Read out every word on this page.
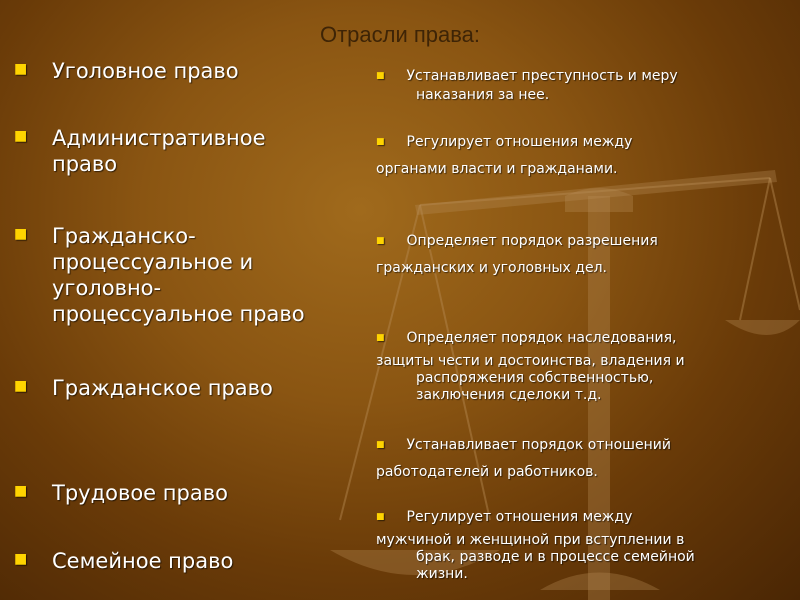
Отрасли права:
■ Уголовное право
■ Административное
право
■ Гражданско-
процессуальное и
уголовно-
процессуальное право
■ Гражданское право
■ Трудовое право
■ Семейное право
■ Устанавливает преступность и меру
наказания за нее.
■ Регулирует отношения между
органами власти и гражданами.
■ Определяет порядок разрешения
гражданских и уголовных дел.
■ Определяет порядок наследования,
защиты чести и достоинства, владения и
распоряжения собственностью,
заключения сделоки т.д.
■ Устанавливает порядок отношений
работодателей и работников.
■ Регулирует отношения между
мужчиной и женщиной при вступлении в
брак, разводе и в процессе семейной
жизни.
